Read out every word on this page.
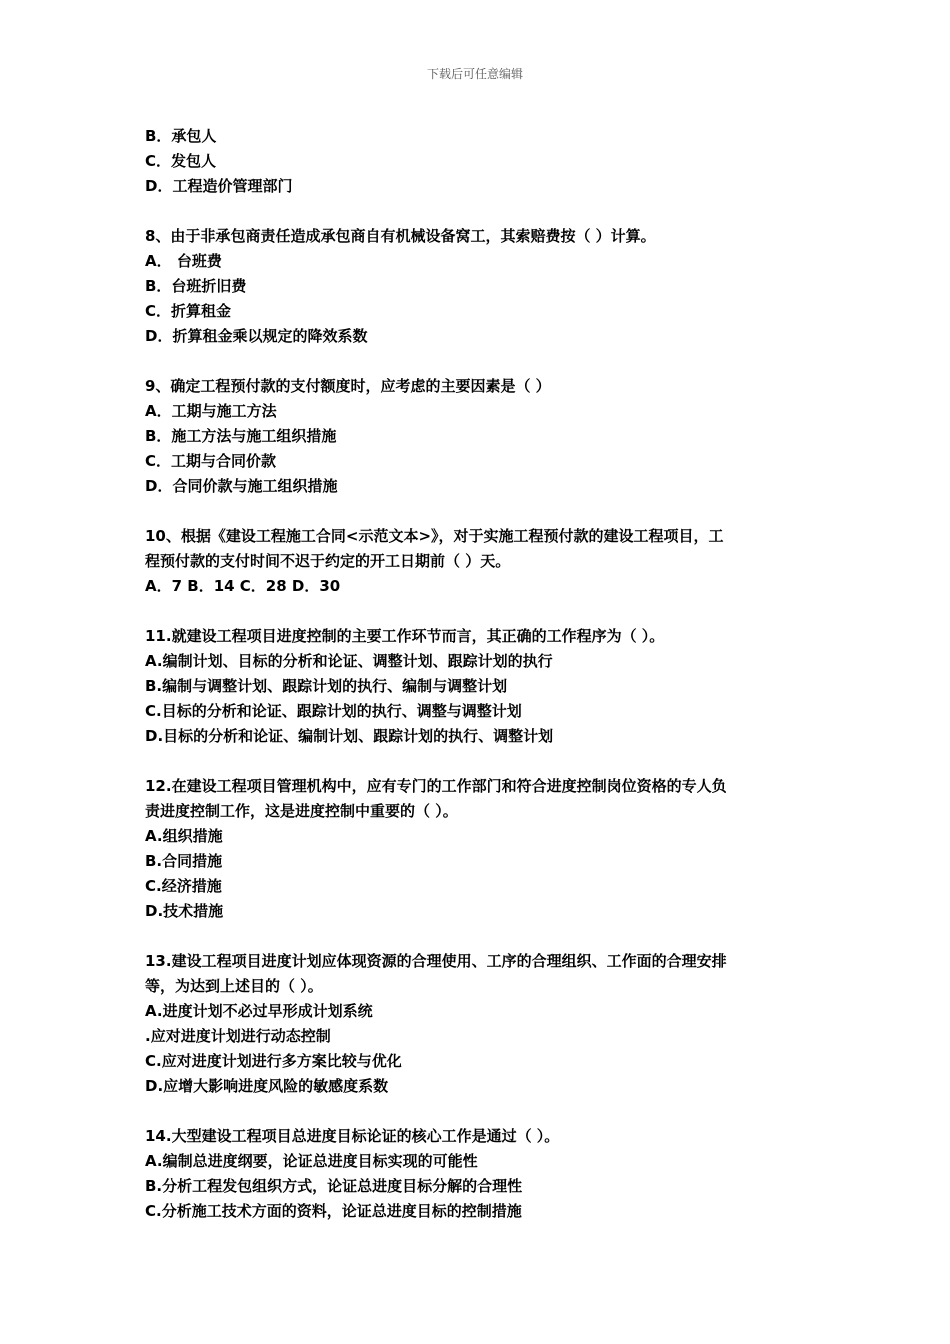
下载后可任意编辑
B．承包人
C．发包人
D．工程造价管理部门
8、由于非承包商责任造成承包商自有机械设备窝工，其索赔费按（ ）计算。
A． 台班费
B．台班折旧费
C．折算租金
D．折算租金乘以规定的降效系数
9、确定工程预付款的支付额度时，应考虑的主要因素是（ ）
A．工期与施工方法
B．施工方法与施工组织措施
C．工期与合同价款
D．合同价款与施工组织措施
10、根据《建设工程施工合同<示范文本>》，对于实施工程预付款的建设工程项目，工
程预付款的支付时间不迟于约定的开工日期前（ ）天。
A．7 B．14 C．28 D．30
11.就建设工程项目进度控制的主要工作环节而言，其正确的工作程序为（ ）。
A.编制计划、目标的分析和论证、调整计划、跟踪计划的执行
B.编制与调整计划、跟踪计划的执行、编制与调整计划
C.目标的分析和论证、跟踪计划的执行、调整与调整计划
D.目标的分析和论证、编制计划、跟踪计划的执行、调整计划
12.在建设工程项目管理机构中，应有专门的工作部门和符合进度控制岗位资格的专人负
责进度控制工作，这是进度控制中重要的（ ）。
A.组织措施
B.合同措施
C.经济措施
D.技术措施
13.建设工程项目进度计划应体现资源的合理使用、工序的合理组织、工作面的合理安排
等，为达到上述目的（ ）。
A.进度计划不必过早形成计划系统
.应对进度计划进行动态控制
C.应对进度计划进行多方案比较与优化
D.应增大影响进度风险的敏感度系数
14.大型建设工程项目总进度目标论证的核心工作是通过（ ）。
A.编制总进度纲要，论证总进度目标实现的可能性
B.分析工程发包组织方式，论证总进度目标分解的合理性
C.分析施工技术方面的资料，论证总进度目标的控制措施
